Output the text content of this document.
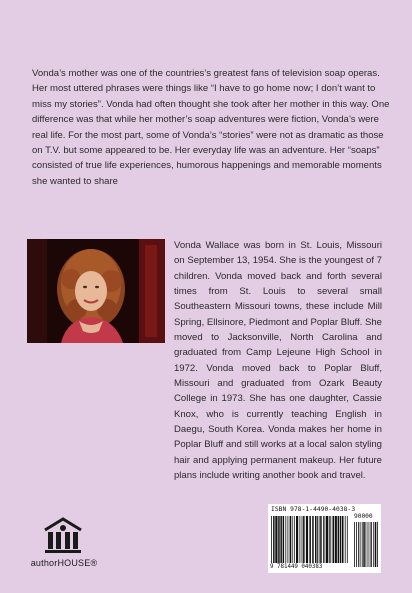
Vonda’s mother was one of the countries’s greatest fans of television soap operas. Her most uttered phrases were things like “I have to go home now; I don’t want to miss my stories”. Vonda had often thought she took after her mother in this way. One difference was that while her mother’s soap adventures were fiction, Vonda’s were real life. For the most part, some of Vonda’s “stories” were not as dramatic as those on T.V. but some appeared to be. Her everyday life was an adventure. Her “soaps” consisted of true life experiences, humorous happenings and memorable moments she wanted to share

Vonda Wallace was born in St. Louis, Missouri on September 13, 1954. She is the youngest of 7 children. Vonda moved back and forth several times from St. Louis to several small Southeastern Missouri towns, these include Mill Spring, Ellsinore, Piedmont and Poplar Bluff. She moved to Jacksonville, North Carolina and graduated from Camp Lejeune High School in 1972. Vonda moved back to Poplar Bluff, Missouri and graduated from Ozark Beauty College in 1973. She has one daughter, Cassie Knox, who is currently teaching English in Daegu, South Korea. Vonda makes her home in Poplar Bluff and still works at a local salon styling hair and applying permanent makeup. Her future plans include writing another book and travel.

authorHOUSE®
ISBN 978-1-4490-4038-3
90000
9 781449 040383
